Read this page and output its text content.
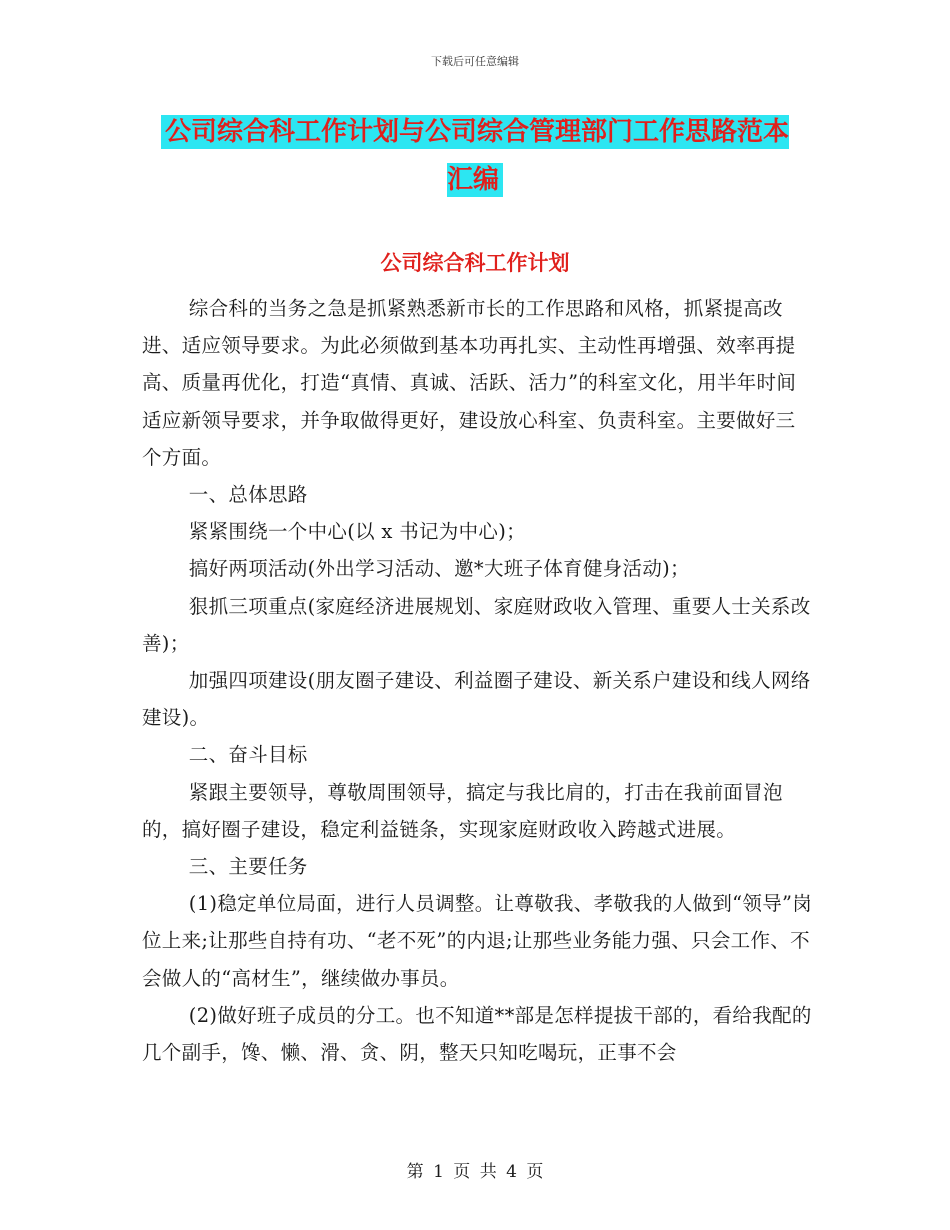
下载后可任意编辑
公司综合科工作计划与公司综合管理部门工作思路范本汇编
公司综合科工作计划

综合科的当务之急是抓紧熟悉新市长的工作思路和风格，抓紧提高改进、适应领导要求。为此必须做到基本功再扎实、主动性再增强、效率再提高、质量再优化，打造“真情、真诚、活跃、活力”的科室文化，用半年时间适应新领导要求，并争取做得更好，建设放心科室、负责科室。主要做好三个方面。

一、总体思路

紧紧围绕一个中心(以 x 书记为中心)；

搞好两项活动(外出学习活动、邀*大班子体育健身活动)；

狠抓三项重点(家庭经济进展规划、家庭财政收入管理、重要人士关系改善)；

加强四项建设(朋友圈子建设、利益圈子建设、新关系户建设和线人网络建设)。

二、奋斗目标

紧跟主要领导，尊敬周围领导，搞定与我比肩的，打击在我前面冒泡的，搞好圈子建设，稳定利益链条，实现家庭财政收入跨越式进展。

三、主要任务

(1)稳定单位局面，进行人员调整。让尊敬我、孝敬我的人做到“领导”岗位上来;让那些自持有功、“老不死”的内退;让那些业务能力强、只会工作、不会做人的“高材生”，继续做办事员。

(2)做好班子成员的分工。也不知道**部是怎样提拔干部的，看给我配的几个副手，馋、懒、滑、贪、阴，整天只知吃喝玩，正事不会

第 1 页 共 4 页
